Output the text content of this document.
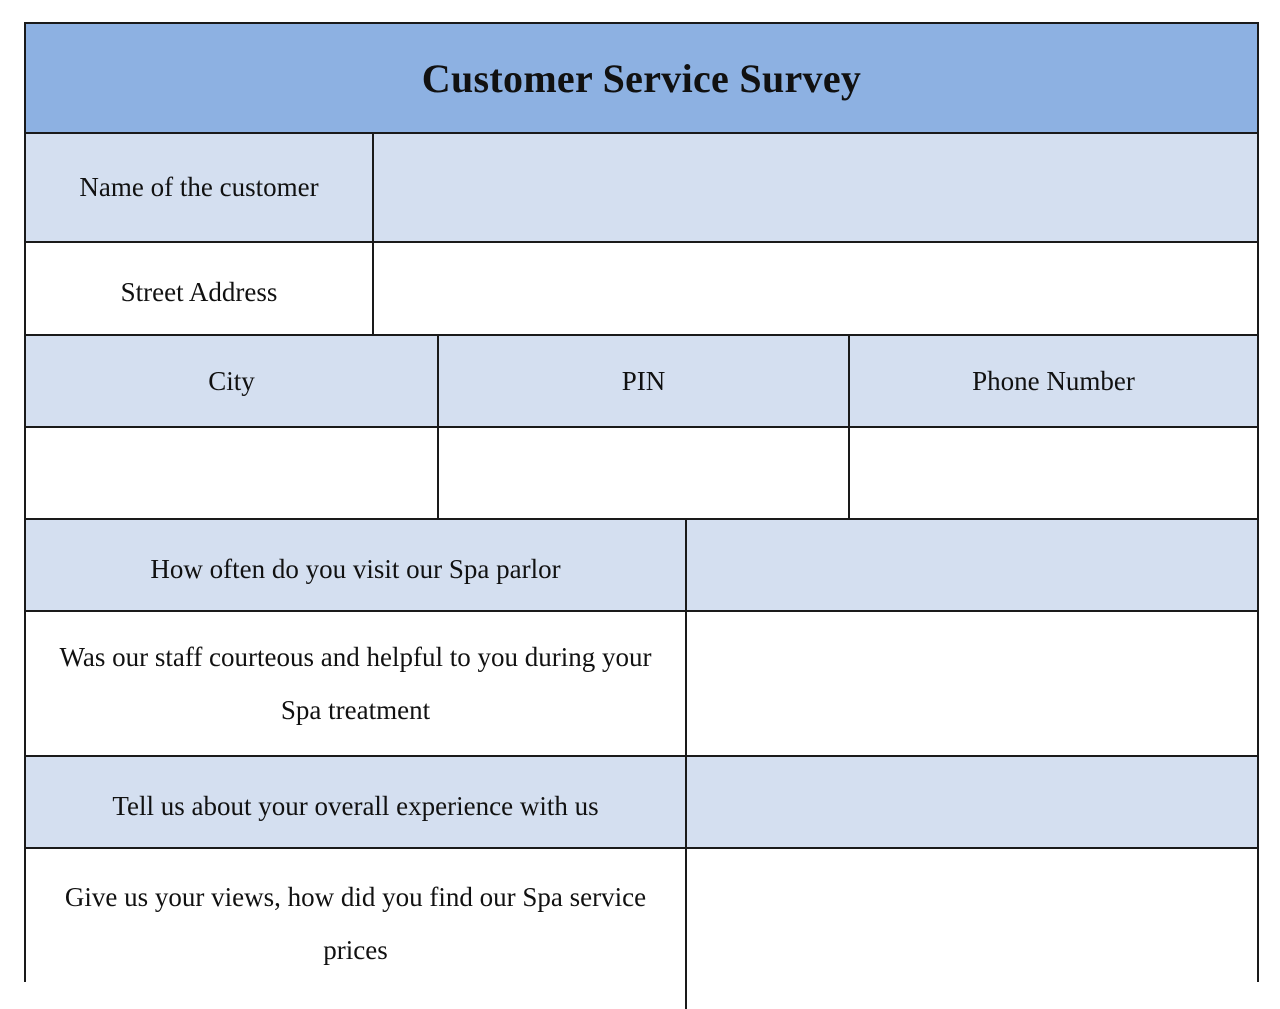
Customer Service Survey
Name of the customer
Street Address
City	PIN	Phone Number
How often do you visit our Spa parlor
Was our staff courteous and helpful to you during your Spa treatment
Tell us about your overall experience with us
Give us your views, how did you find our Spa service prices
